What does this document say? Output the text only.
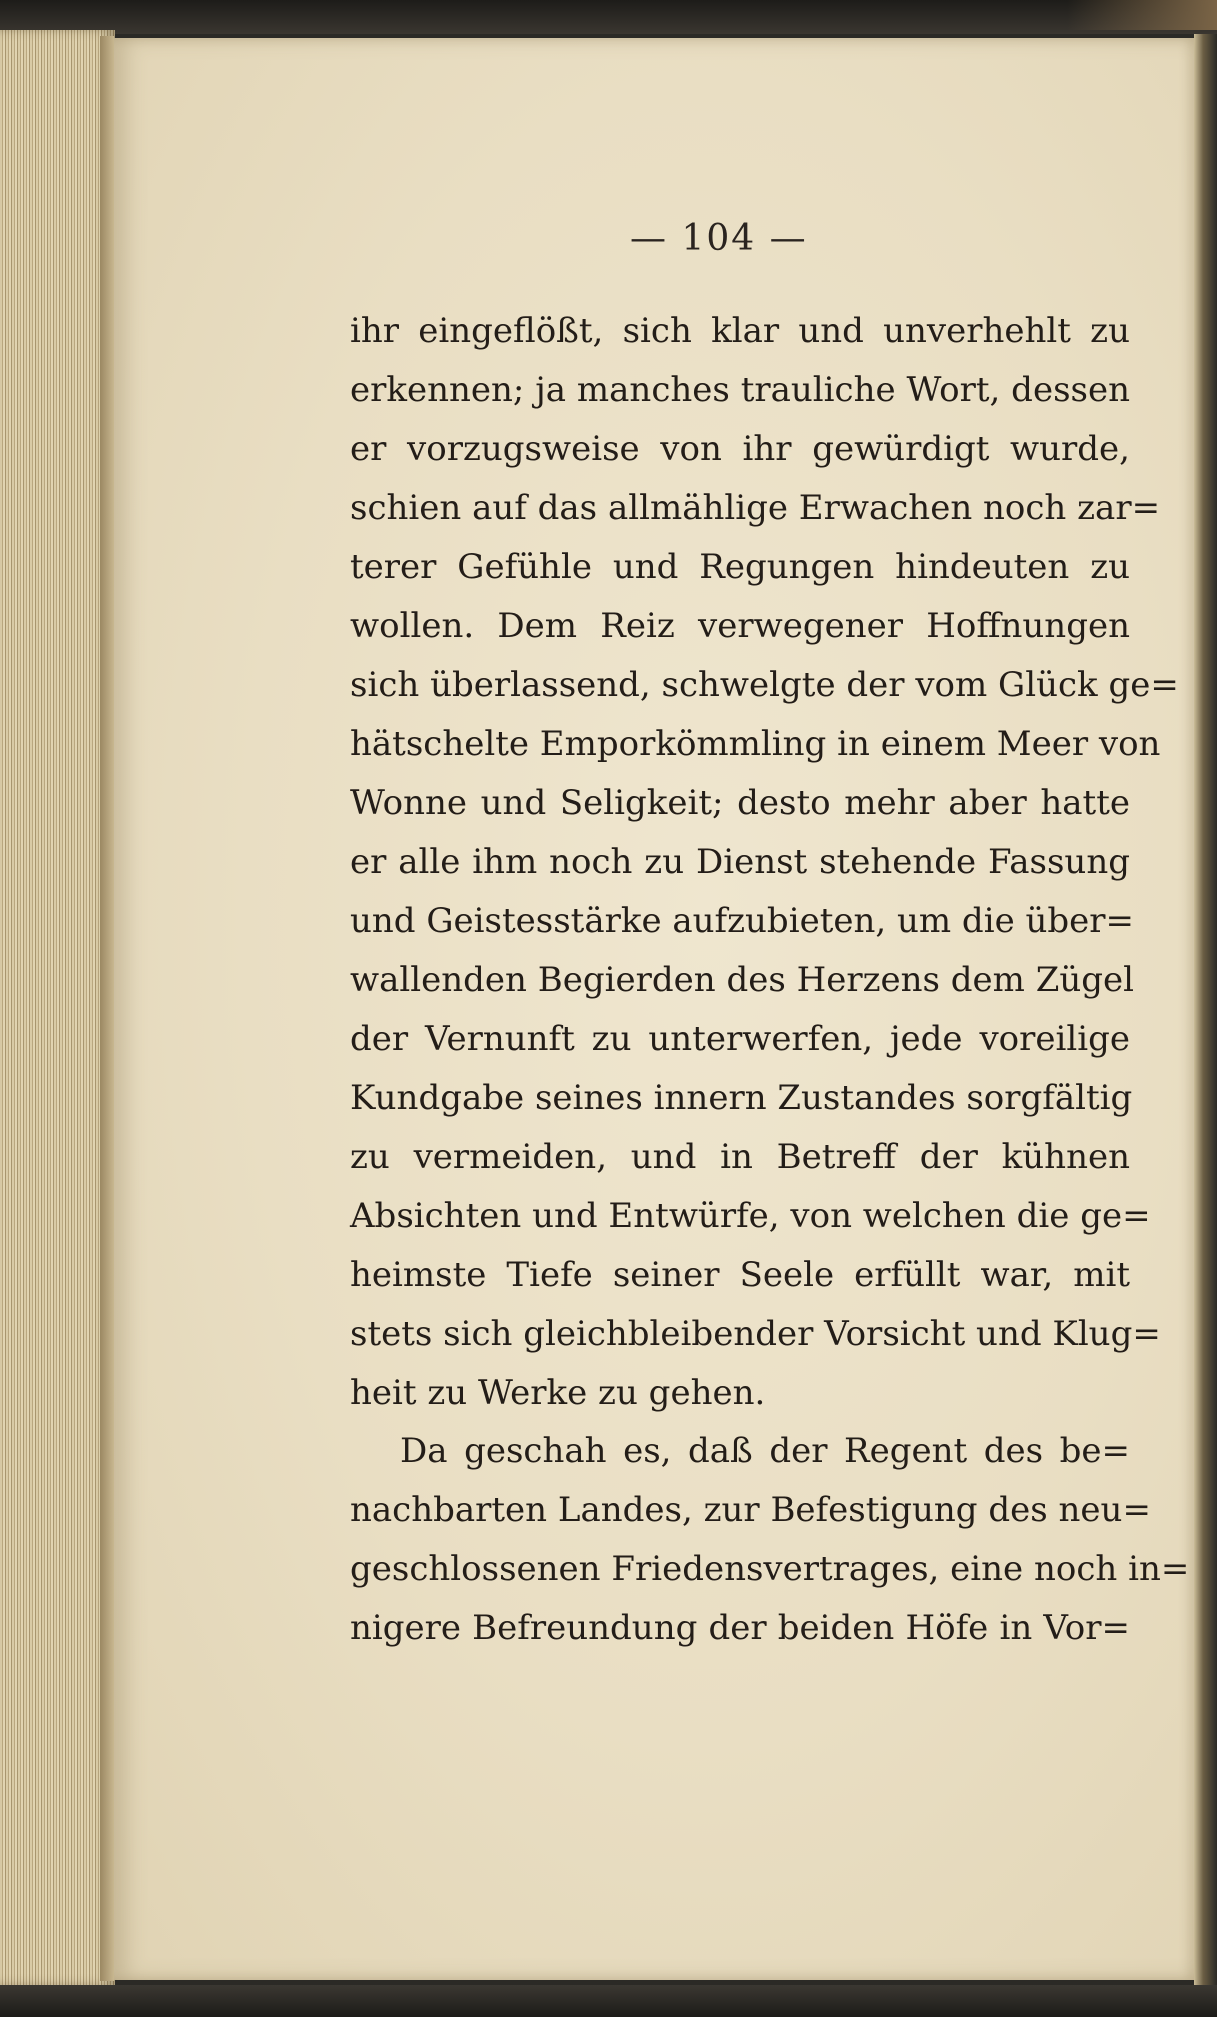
— 104 —
ihr eingeflößt, sich klar und unverhehlt zu
erkennen; ja manches trauliche Wort, dessen
er vorzugsweise von ihr gewürdigt wurde,
schien auf das allmählige Erwachen noch zar=
terer Gefühle und Regungen hindeuten zu
wollen. Dem Reiz verwegener Hoffnungen
sich überlassend, schwelgte der vom Glück ge=
hätschelte Emporkömmling in einem Meer von
Wonne und Seligkeit; desto mehr aber hatte
er alle ihm noch zu Dienst stehende Fassung
und Geistesstärke aufzubieten, um die über=
wallenden Begierden des Herzens dem Zügel
der Vernunft zu unterwerfen, jede voreilige
Kundgabe seines innern Zustandes sorgfältig
zu vermeiden, und in Betreff der kühnen
Absichten und Entwürfe, von welchen die ge=
heimste Tiefe seiner Seele erfüllt war, mit
stets sich gleichbleibender Vorsicht und Klug=
heit zu Werke zu gehen.
Da geschah es, daß der Regent des be=
nachbarten Landes, zur Befestigung des neu=
geschlossenen Friedensvertrages, eine noch in=
nigere Befreundung der beiden Höfe in Vor=
